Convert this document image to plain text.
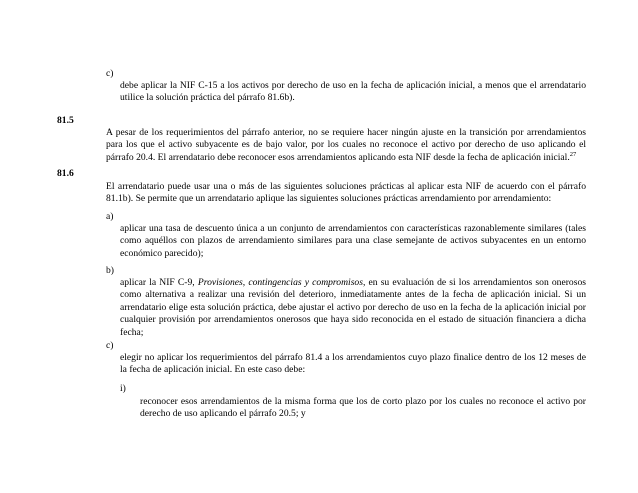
c)

debe aplicar la NIF C-15 a los activos por derecho de uso en la fecha de aplicación inicial, a menos que el arrendatario utilice la solución práctica del párrafo 81.6b).

81.5

A pesar de los requerimientos del párrafo anterior, no se requiere hacer ningún ajuste en la transición por arrendamientos para los que el activo subyacente es de bajo valor, por los cuales no reconoce el activo por derecho de uso aplicando el párrafo 20.4. El arrendatario debe reconocer esos arrendamientos aplicando esta NIF desde la fecha de aplicación inicial.$^{27}$

81.6

El arrendatario puede usar una o más de las siguientes soluciones prácticas al aplicar esta NIF de acuerdo con el párrafo 81.1b). Se permite que un arrendatario aplique las siguientes soluciones prácticas arrendamiento por arrendamiento:

a)

aplicar una tasa de descuento única a un conjunto de arrendamientos con características razonablemente similares (tales como aquéllos con plazos de arrendamiento similares para una clase semejante de activos subyacentes en un entorno económico parecido);

b)

aplicar la NIF C-9, Provisiones, contingencias y compromisos, en su evaluación de si los arrendamientos son onerosos como alternativa a realizar una revisión del deterioro, inmediatamente antes de la fecha de aplicación inicial. Si un arrendatario elige esta solución práctica, debe ajustar el activo por derecho de uso en la fecha de la aplicación inicial por cualquier provisión por arrendamientos onerosos que haya sido reconocida en el estado de situación financiera a dicha fecha;

c)

elegir no aplicar los requerimientos del párrafo 81.4 a los arrendamientos cuyo plazo finalice dentro de los 12 meses de la fecha de aplicación inicial. En este caso debe:

i)

reconocer esos arrendamientos de la misma forma que los de corto plazo por los cuales no reconoce el activo por derecho de uso aplicando el párrafo 20.5; y
